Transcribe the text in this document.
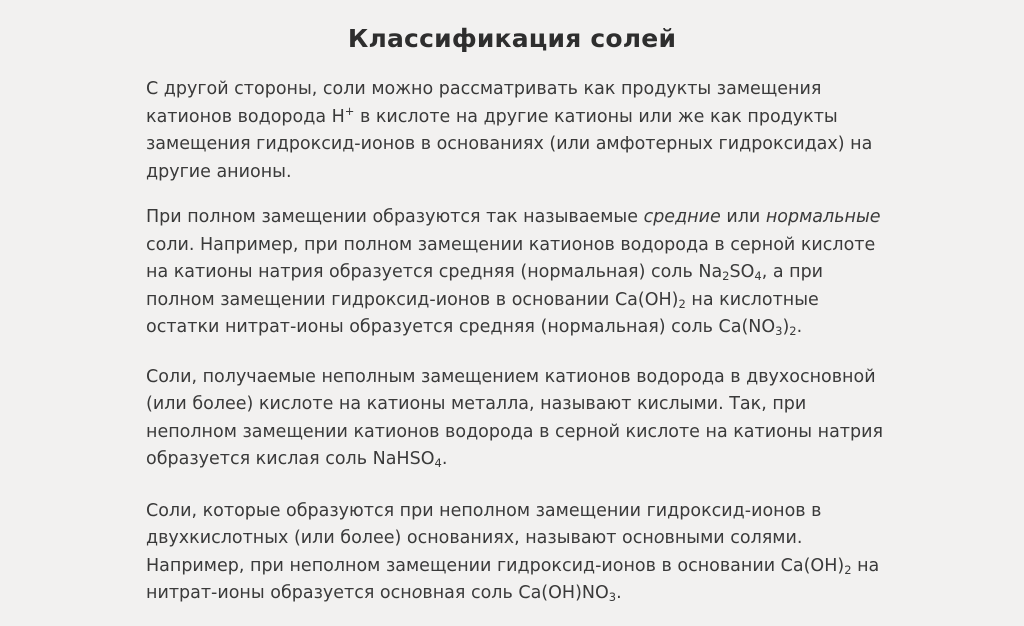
Классификация солей

С другой стороны, соли можно рассматривать как продукты замещения катионов водорода Н+ в кислоте на другие катионы или же как продукты замещения гидроксид-ионов в основаниях (или амфотерных гидроксидах) на другие анионы.

При полном замещении образуются так называемые средние или нормальные соли. Например, при полном замещении катионов водорода в серной кислоте на катионы натрия образуется средняя (нормальная) соль $Na_2SO_4$, а при полном замещении гидроксид-ионов в основании $Са(ОН)_2$ на кислотные остатки нитрат-ионы образуется средняя (нормальная) соль $Са(NO_3)_2$.

Соли, получаемые неполным замещением катионов водорода в двухосновной (или более) кислоте на катионы металла, называют кислыми. Так, при неполном замещении катионов водорода в серной кислоте на катионы натрия образуется кислая соль NaHSO$_4$.

Соли, которые образуются при неполном замещении гидроксид-ионов в двухкислотных (или более) основаниях, называют основными солями. Например, при неполном замещении гидроксид-ионов в основании $Са(ОН)_2$ на нитрат-ионы образуется основная соль $Са(ОН)NO_3$.
